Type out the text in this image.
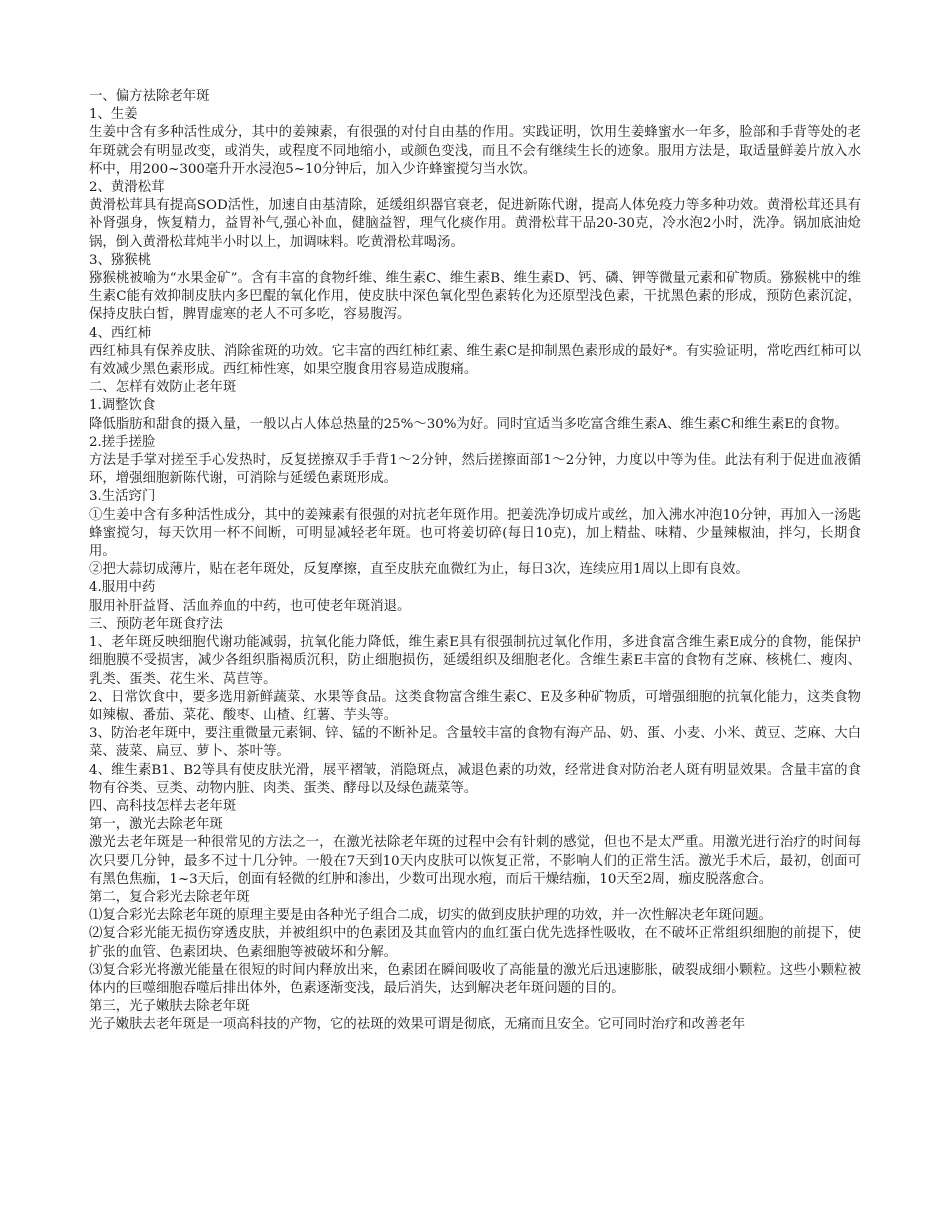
一、偏方祛除老年斑
1、生姜
生姜中含有多种活性成分，其中的姜辣素，有很强的对付自由基的作用。实践证明，饮用生姜蜂蜜水一年多，脸部和手背等处的老年斑就会有明显改变，或消失，或程度不同地缩小，或颜色变浅，而且不会有继续生长的迹象。服用方法是，取适量鲜姜片放入水杯中，用200~300毫升开水浸泡5~10分钟后，加入少许蜂蜜搅匀当水饮。
2、黄滑松茸
黄滑松茸具有提高SOD活性，加速自由基清除，延缓组织器官衰老，促进新陈代谢，提高人体免疫力等多种功效。黄滑松茸还具有补肾强身，恢复精力，益胃补气,强心补血，健脑益智，理气化痰作用。黄滑松茸干品20-30克，冷水泡2小时，洗净。锅加底油炝锅，倒入黄滑松茸炖半小时以上，加调味料。吃黄滑松茸喝汤。
3、猕猴桃
猕猴桃被喻为“水果金矿”。含有丰富的食物纤维、维生素C、维生素B、维生素D、钙、磷、钾等微量元素和矿物质。猕猴桃中的维生素C能有效抑制皮肤内多巴醌的氧化作用，使皮肤中深色氧化型色素转化为还原型浅色素，干扰黑色素的形成，预防色素沉淀，保持皮肤白皙，脾胃虚寒的老人不可多吃，容易腹泻。
4、西红柿
西红柿具有保养皮肤、消除雀斑的功效。它丰富的西红柿红素、维生素C是抑制黑色素形成的最好*。有实验证明，常吃西红柿可以有效减少黑色素形成。西红柿性寒，如果空腹食用容易造成腹痛。
二、怎样有效防止老年斑
1.调整饮食
降低脂肪和甜食的摄入量，一般以占人体总热量的25%～30%为好。同时宜适当多吃富含维生素A、维生素C和维生素E的食物。
2.搓手搓脸
方法是手掌对搓至手心发热时，反复搓擦双手手背1～2分钟，然后搓擦面部1～2分钟，力度以中等为佳。此法有利于促进血液循环，增强细胞新陈代谢，可消除与延缓色素斑形成。
3.生活窍门
①生姜中含有多种活性成分，其中的姜辣素有很强的对抗老年斑作用。把姜洗净切成片或丝，加入沸水冲泡10分钟，再加入一汤匙蜂蜜搅匀，每天饮用一杯不间断，可明显减轻老年斑。也可将姜切碎(每日10克)，加上精盐、味精、少量辣椒油，拌匀，长期食用。
②把大蒜切成薄片，贴在老年斑处，反复摩擦，直至皮肤充血微红为止，每日3次，连续应用1周以上即有良效。
4.服用中药
服用补肝益肾、活血养血的中药，也可使老年斑消退。
三、预防老年斑食疗法
1、老年斑反映细胞代谢功能减弱，抗氧化能力降低，维生素E具有很强制抗过氧化作用，多进食富含维生素E成分的食物，能保护细胞膜不受损害，减少各组织脂褐质沉积，防止细胞损伤，延缓组织及细胞老化。含维生素E丰富的食物有芝麻、核桃仁、瘦肉、乳类、蛋类、花生米、莴苣等。
2、日常饮食中，要多选用新鲜蔬菜、水果等食品。这类食物富含维生素C、E及多种矿物质，可增强细胞的抗氧化能力，这类食物如辣椒、番茄、菜花、酸枣、山楂、红薯、芋头等。
3、防治老年斑中，要注重微量元素铜、锌、锰的不断补足。含量较丰富的食物有海产品、奶、蛋、小麦、小米、黄豆、芝麻、大白菜、菠菜、扁豆、萝卜、茶叶等。
4、维生素B1、B2等具有使皮肤光滑，展平褶皱，消隐斑点，减退色素的功效，经常进食对防治老人斑有明显效果。含量丰富的食物有谷类、豆类、动物内脏、肉类、蛋类、酵母以及绿色蔬菜等。
四、高科技怎样去老年斑
第一，激光去除老年斑
激光去老年斑是一种很常见的方法之一，在激光祛除老年斑的过程中会有针刺的感觉，但也不是太严重。用激光进行治疗的时间每次只要几分钟，最多不过十几分钟。一般在7天到10天内皮肤可以恢复正常，不影响人们的正常生活。激光手术后，最初，创面可有黑色焦痂，1~3天后，创面有轻微的红肿和渗出，少数可出现水疱，而后干燥结痂，10天至2周，痂皮脱落愈合。
第二，复合彩光去除老年斑
⑴复合彩光去除老年斑的原理主要是由各种光子组合二成，切实的做到皮肤护理的功效，并一次性解决老年斑问题。
⑵复合彩光能无损伤穿透皮肤，并被组织中的色素团及其血管内的血红蛋白优先选择性吸收，在不破坏正常组织细胞的前提下，使扩张的血管、色素团块、色素细胞等被破坏和分解。
⑶复合彩光将激光能量在很短的时间内释放出来，色素团在瞬间吸收了高能量的激光后迅速膨胀，破裂成细小颗粒。这些小颗粒被体内的巨噬细胞吞噬后排出体外，色素逐渐变浅，最后消失，达到解决老年斑问题的目的。
第三，光子嫩肤去除老年斑
光子嫩肤去老年斑是一项高科技的产物，它的祛斑的效果可谓是彻底，无痛而且安全。它可同时治疗和改善老年
